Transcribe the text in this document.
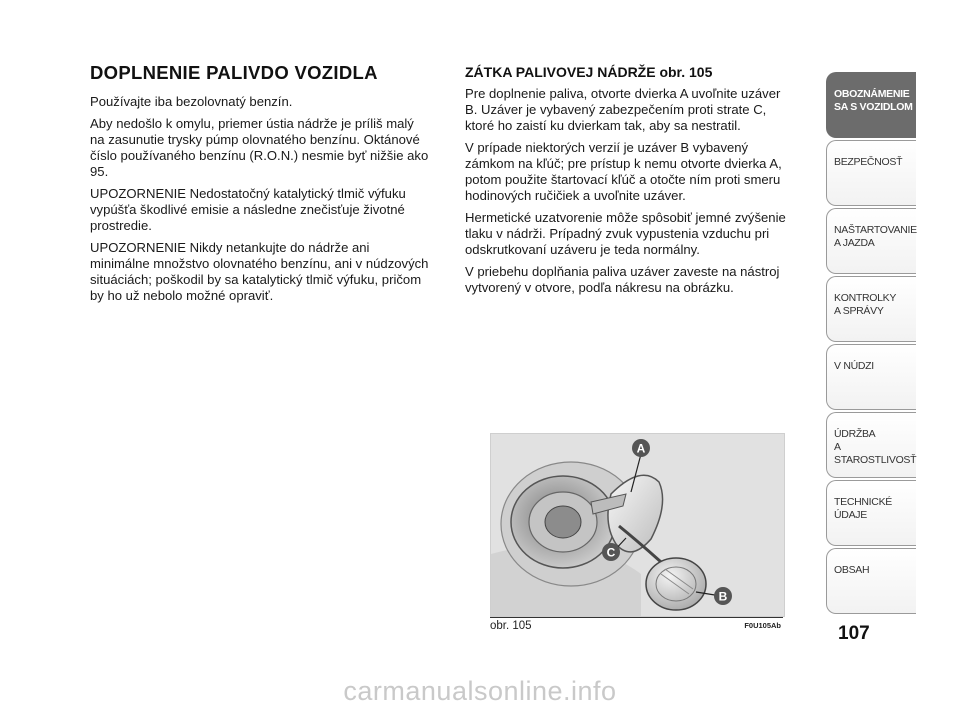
DOPLNENIE PALIVDO VOZIDLA

Používajte iba bezolovnatý benzín.

Aby nedošlo k omylu, priemer ústia nádrže je príliš malý na zasunutie trysky púmp olovnatého benzínu. Oktánové číslo používaného benzínu (R.O.N.) nesmie byť nižšie ako 95.

UPOZORNENIE Nedostatočný katalytický tlmič výfuku vypúšťa škodlivé emisie a následne znečisťuje životné prostredie.

UPOZORNENIE Nikdy netankujte do nádrže ani minimálne množstvo olovnatého benzínu, ani v núdzových situáciách; poškodil by sa katalytický tlmič výfuku, pričom by ho už nebolo možné opraviť.

ZÁTKA PALIVOVEJ NÁDRŽE obr. 105

Pre doplnenie paliva, otvorte dvierka A uvoľnite uzáver B. Uzáver je vybavený zabezpečením proti strate C, ktoré ho zaistí ku dvierkam tak, aby sa nestratil.

V prípade niektorých verzií je uzáver B vybavený zámkom na kľúč; pre prístup k nemu otvorte dvierka A, potom použite štartovací kľúč a otočte ním proti smeru hodinových ručičiek a uvoľnite uzáver.

Hermetické uzatvorenie môže spôsobiť jemné zvýšenie tlaku v nádrži. Prípadný zvuk vypustenia vzduchu pri odskrutkovaní uzáveru je teda normálny.

V priebehu doplňania paliva uzáver zaveste na nástroj vytvorený v otvore, podľa nákresu na obrázku.

A
C
B
obr. 105	F0U105Ab
OBOZNÁMENIE
SA S VOZIDLOM
BEZPEČNOSŤ
NAŠTARTOVANIE
A JAZDA
KONTROLKY
A SPRÁVY
V NÚDZI
ÚDRŽBA
A STAROSTLIVOSŤ
TECHNICKÉ
ÚDAJE
OBSAH
107
carmanualsonline.info
